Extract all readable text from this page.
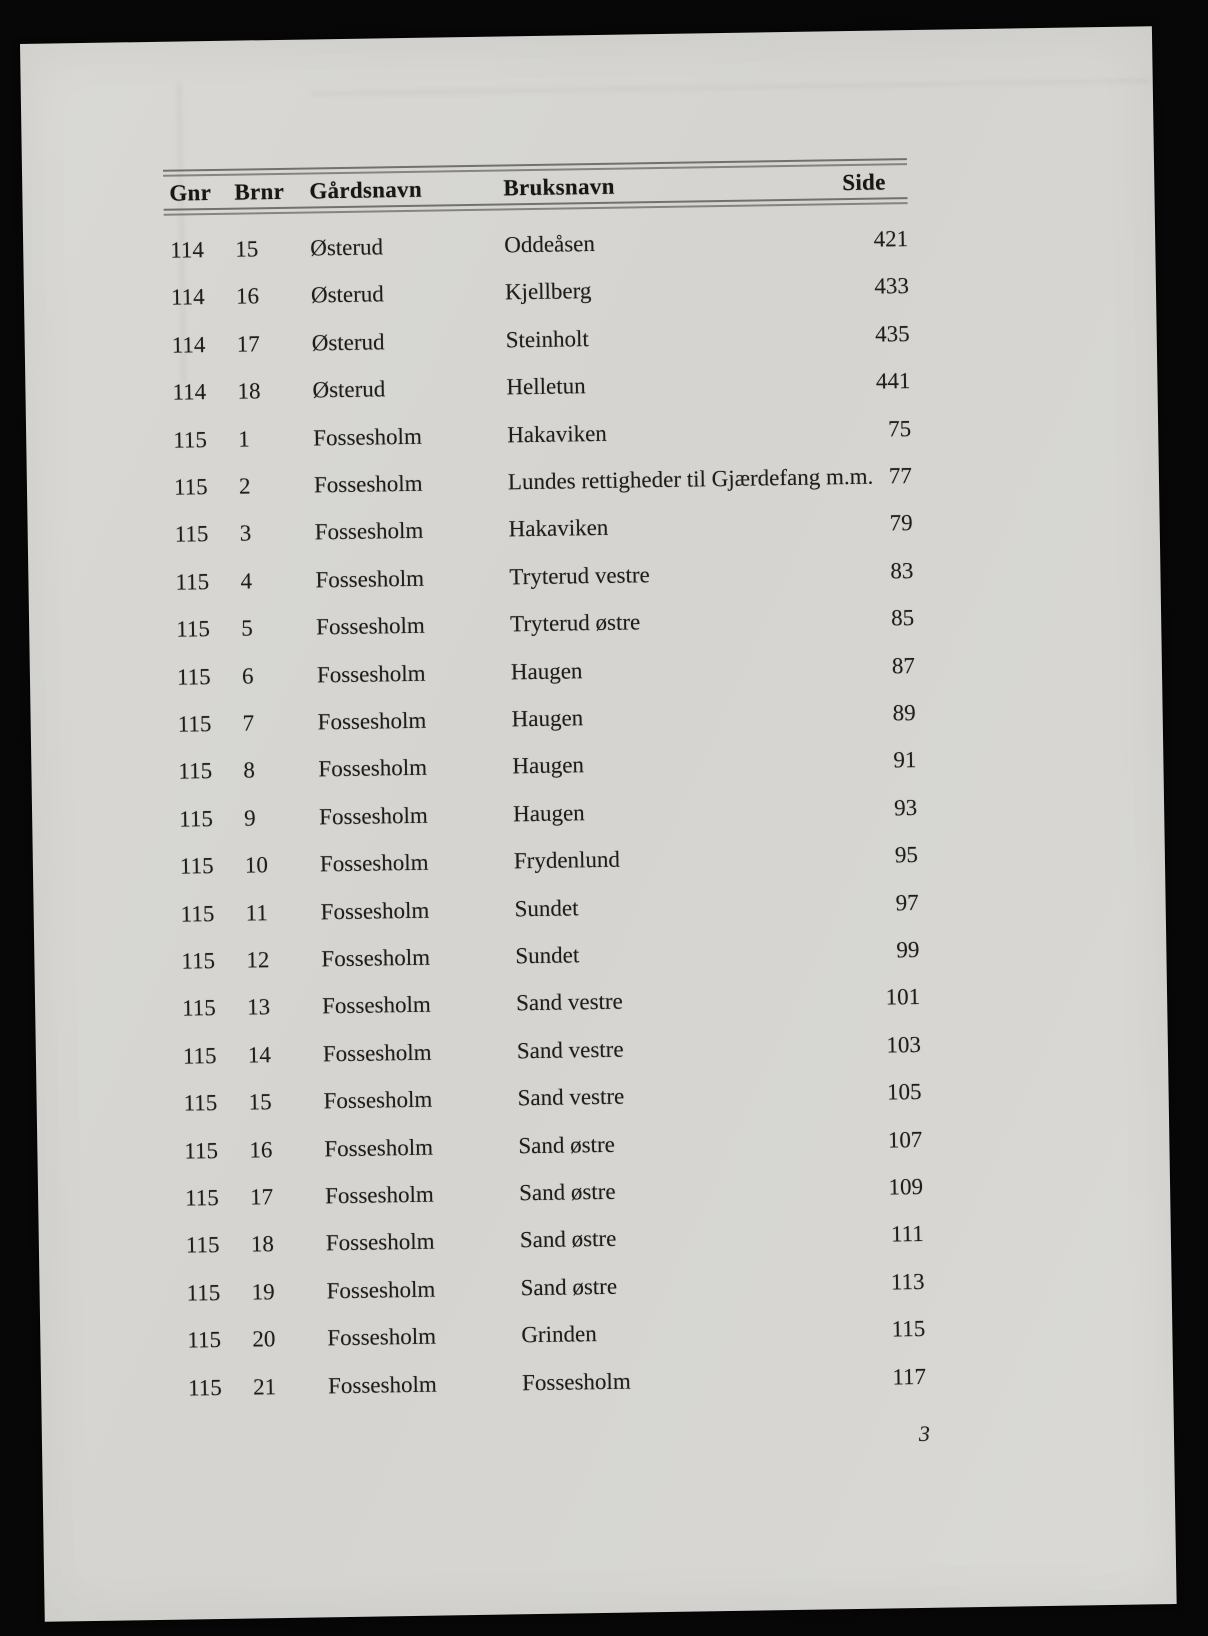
Gnr Brnr Gårdsnavn	Bruksnavn	Side
114 15 Østerud	Oddeåsen	421
114 16 Østerud	Kjellberg	433
114 17 Østerud	Steinholt	435
114 18 Østerud	Helletun	441
115 1	Fossesholm	Hakaviken	75
115 2	Fossesholm	Lundes rettigheder til Gjærdefang m.m. 77
115 3	Fossesholm	Hakaviken	79
115 4	Fossesholm	Tryterud vestre	83
115 5	Fossesholm	Tryterud østre	85
115 6	Fossesholm	Haugen	87
115 7	Fossesholm	Haugen	89
115 8	Fossesholm	Haugen	91
115 9	Fossesholm	Haugen	93
115 10 Fossesholm	Frydenlund	95
115 11 Fossesholm	Sundet	97
115 12 Fossesholm	Sundet	99
115 13 Fossesholm	Sand vestre	101
115 14 Fossesholm	Sand vestre	103
115 15 Fossesholm	Sand vestre	105
115 16 Fossesholm	Sand østre	107
115 17 Fossesholm	Sand østre	109
115 18 Fossesholm	Sand østre	111
115 19 Fossesholm	Sand østre	113
115 20 Fossesholm	Grinden	115
115 21 Fossesholm	Fossesholm	117
3
